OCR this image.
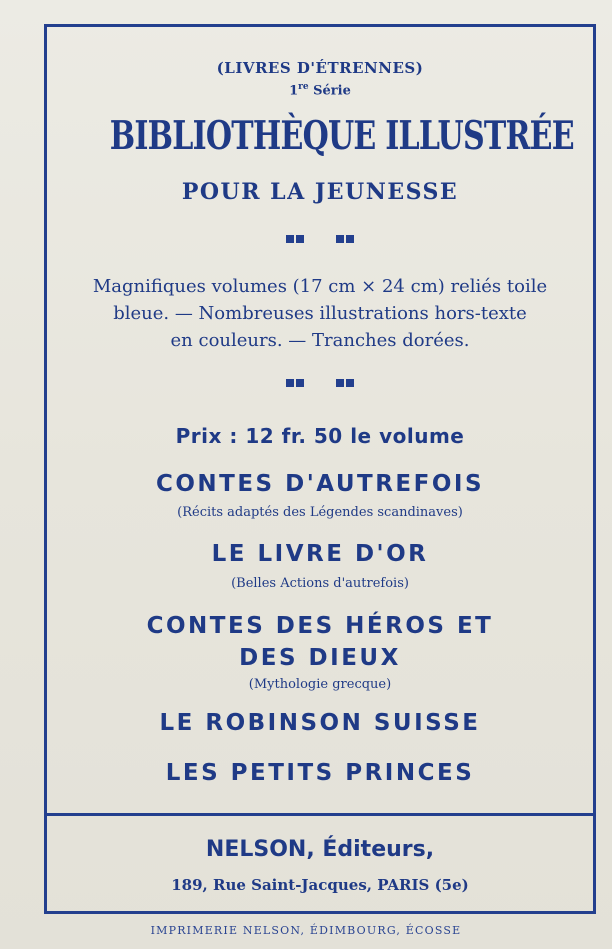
(LIVRES D'ÉTRENNES)
1re Série
BIBLIOTHÈQUE ILLUSTRÉE
POUR LA JEUNESSE
Magnifiques volumes (17 cm × 24 cm) reliés toile
bleue. — Nombreuses illustrations hors-texte
en couleurs. — Tranches dorées.
Prix : 12 fr. 50 le volume
CONTES D'AUTREFOIS
(Récits adaptés des Légendes scandinaves)
LE LIVRE D'OR
(Belles Actions d'autrefois)
CONTES DES HÉROS ET
DES DIEUX
(Mythologie grecque)
LE ROBINSON SUISSE
LES PETITS PRINCES
NELSON, Éditeurs,
189, Rue Saint-Jacques, PARIS (5e)
IMPRIMERIE NELSON, ÉDIMBOURG, ÉCOSSE
